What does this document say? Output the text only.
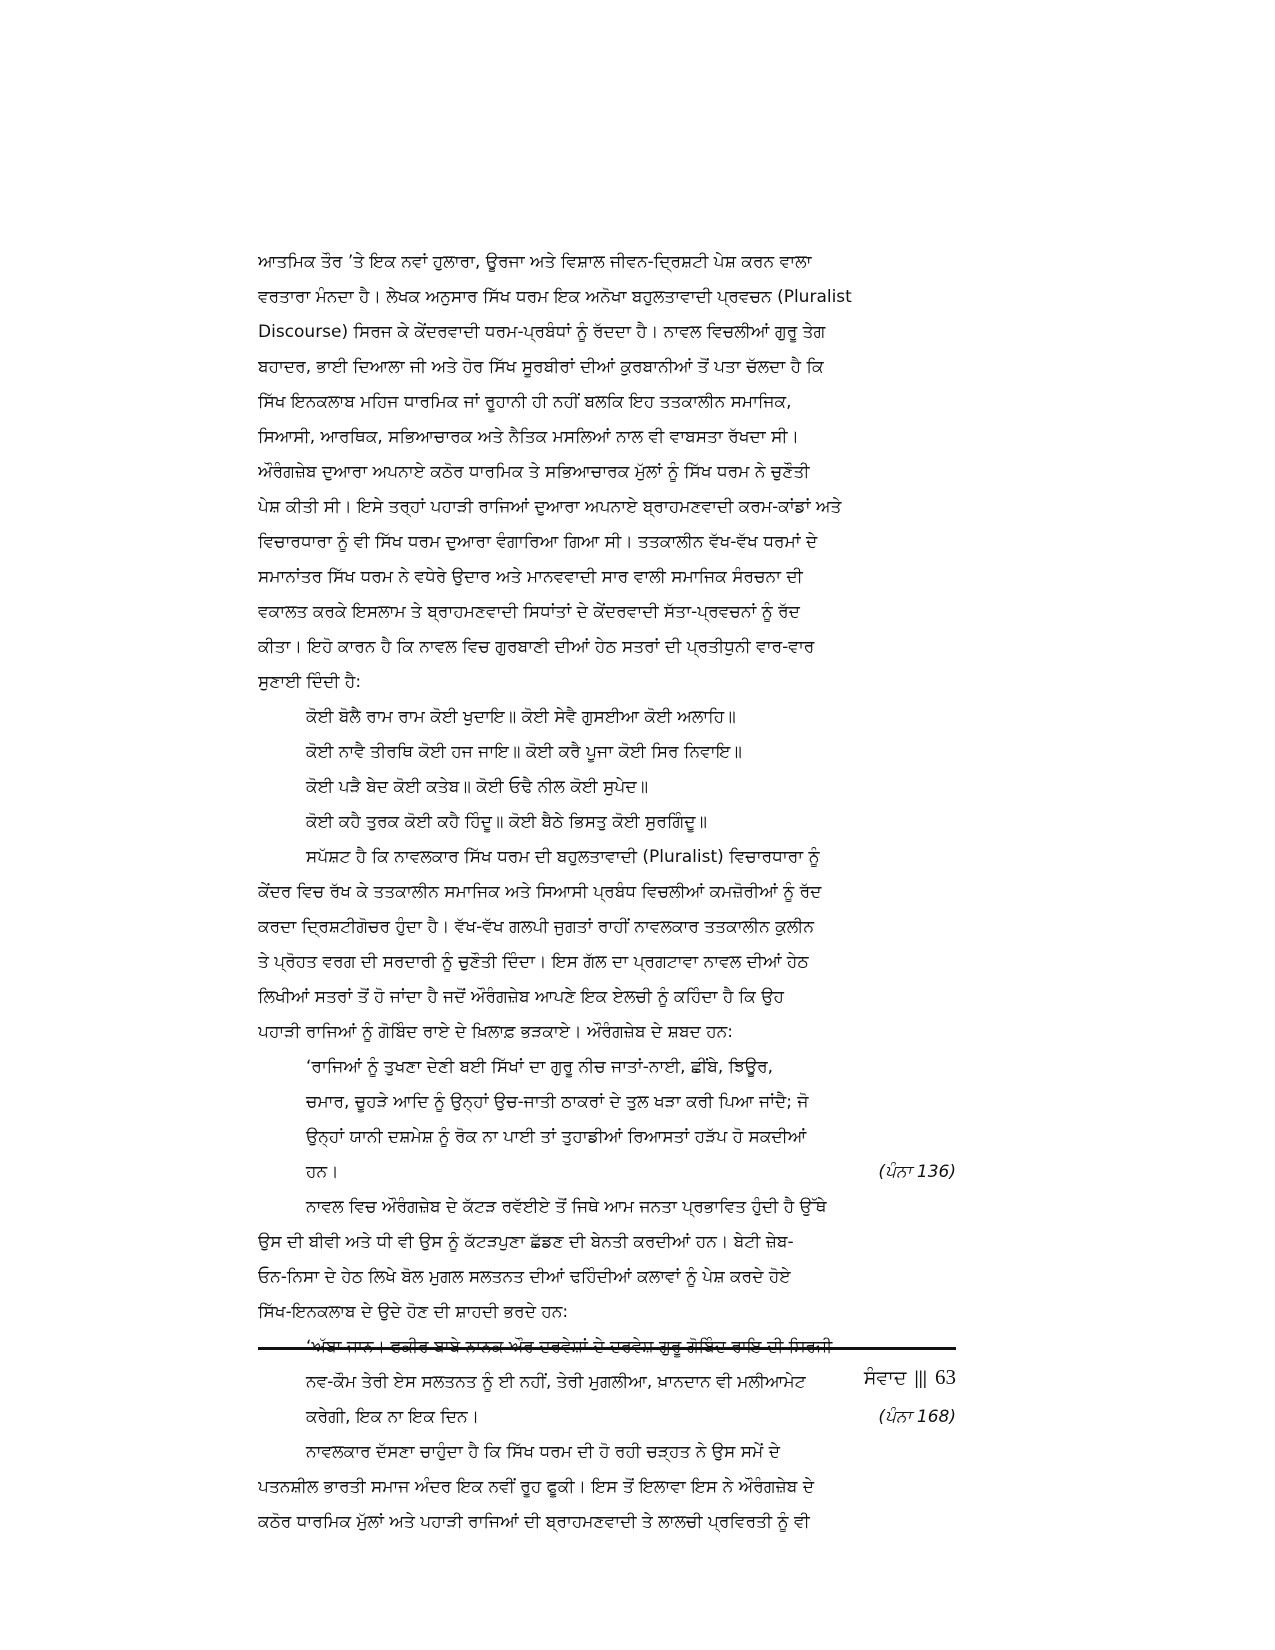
ਆਤਮਿਕ ਤੌਰ ’ਤੇ ਇਕ ਨਵਾਂ ਹੁਲਾਰਾ, ਊਰਜਾ ਅਤੇ ਵਿਸ਼ਾਲ ਜੀਵਨ-ਦ੍ਰਿਸ਼ਟੀ ਪੇਸ਼ ਕਰਨ ਵਾਲਾ
ਵਰਤਾਰਾ ਮੰਨਦਾ ਹੈ। ਲੇਖਕ ਅਨੁਸਾਰ ਸਿੱਖ ਧਰਮ ਇਕ ਅਨੋਖਾ ਬਹੁਲਤਾਵਾਦੀ ਪ੍ਰਵਚਨ (Pluralist
Discourse) ਸਿਰਜ ਕੇ ਕੇਂਦਰਵਾਦੀ ਧਰਮ-ਪ੍ਰਬੰਧਾਂ ਨੂੰ ਰੱਦਦਾ ਹੈ। ਨਾਵਲ ਵਿਚਲੀਆਂ ਗੁਰੂ ਤੇਗ
ਬਹਾਦਰ, ਭਾਈ ਦਿਆਲਾ ਜੀ ਅਤੇ ਹੋਰ ਸਿੱਖ ਸੂਰਬੀਰਾਂ ਦੀਆਂ ਕੁਰਬਾਨੀਆਂ ਤੋਂ ਪਤਾ ਚੱਲਦਾ ਹੈ ਕਿ
ਸਿੱਖ ਇਨਕਲਾਬ ਮਹਿਜ ਧਾਰਮਿਕ ਜਾਂ ਰੂਹਾਨੀ ਹੀ ਨਹੀਂ ਬਲਕਿ ਇਹ ਤਤਕਾਲੀਨ ਸਮਾਜਿਕ,
ਸਿਆਸੀ, ਆਰਥਿਕ, ਸਭਿਆਚਾਰਕ ਅਤੇ ਨੈਤਿਕ ਮਸਲਿਆਂ ਨਾਲ ਵੀ ਵਾਬਸਤਾ ਰੱਖਦਾ ਸੀ।
ਔਰੰਗਜ਼ੇਬ ਦੁਆਰਾ ਅਪਨਾਏ ਕਠੋਰ ਧਾਰਮਿਕ ਤੇ ਸਭਿਆਚਾਰਕ ਮੁੱਲਾਂ ਨੂੰ ਸਿੱਖ ਧਰਮ ਨੇ ਚੁਣੌਤੀ
ਪੇਸ਼ ਕੀਤੀ ਸੀ। ਇਸੇ ਤਰ੍ਹਾਂ ਪਹਾੜੀ ਰਾਜਿਆਂ ਦੁਆਰਾ ਅਪਨਾਏ ਬ੍ਰਾਹਮਣਵਾਦੀ ਕਰਮ-ਕਾਂਡਾਂ ਅਤੇ
ਵਿਚਾਰਧਾਰਾ ਨੂੰ ਵੀ ਸਿੱਖ ਧਰਮ ਦੁਆਰਾ ਵੰਗਾਰਿਆ ਗਿਆ ਸੀ। ਤਤਕਾਲੀਨ ਵੱਖ-ਵੱਖ ਧਰਮਾਂ ਦੇ
ਸਮਾਨਾਂਤਰ ਸਿੱਖ ਧਰਮ ਨੇ ਵਧੇਰੇ ਉਦਾਰ ਅਤੇ ਮਾਨਵਵਾਦੀ ਸਾਰ ਵਾਲੀ ਸਮਾਜਿਕ ਸੰਰਚਨਾ ਦੀ
ਵਕਾਲਤ ਕਰਕੇ ਇਸਲਾਮ ਤੇ ਬ੍ਰਾਹਮਣਵਾਦੀ ਸਿਧਾਂਤਾਂ ਦੇ ਕੇਂਦਰਵਾਦੀ ਸੱਤਾ-ਪ੍ਰਵਚਨਾਂ ਨੂੰ ਰੱਦ
ਕੀਤਾ। ਇਹੋ ਕਾਰਨ ਹੈ ਕਿ ਨਾਵਲ ਵਿਚ ਗੁਰਬਾਣੀ ਦੀਆਂ ਹੇਠ ਸਤਰਾਂ ਦੀ ਪ੍ਰਤੀਧੁਨੀ ਵਾਰ-ਵਾਰ
ਸੁਣਾਈ ਦਿੰਦੀ ਹੈ:
ਕੋਈ ਬੋਲੈ ਰਾਮ ਰਾਮ ਕੋਈ ਖੁਦਾਇ॥ ਕੋਈ ਸੇਵੈ ਗੁਸਈਆ ਕੋਈ ਅਲਾਹਿ॥
ਕੋਈ ਨਾਵੈ ਤੀਰਥਿ ਕੋਈ ਹਜ ਜਾਇ॥ ਕੋਈ ਕਰੈ ਪੂਜਾ ਕੋਈ ਸਿਰ ਨਿਵਾਇ॥
ਕੋਈ ਪੜੈ ਬੇਦ ਕੋਈ ਕਤੇਬ॥ ਕੋਈ ਓਢੈ ਨੀਲ ਕੋਈ ਸੁਪੇਦ॥
ਕੋਈ ਕਹੈ ਤੁਰਕ ਕੋਈ ਕਹੈ ਹਿੰਦੂ॥ ਕੋਈ ਬੈਠੇ ਭਿਸਤੁ ਕੋਈ ਸੁਰਗਿੰਦੂ॥
ਸਪੱਸ਼ਟ ਹੈ ਕਿ ਨਾਵਲਕਾਰ ਸਿੱਖ ਧਰਮ ਦੀ ਬਹੁਲਤਾਵਾਦੀ (Pluralist) ਵਿਚਾਰਧਾਰਾ ਨੂੰ
ਕੇਂਦਰ ਵਿਚ ਰੱਖ ਕੇ ਤਤਕਾਲੀਨ ਸਮਾਜਿਕ ਅਤੇ ਸਿਆਸੀ ਪ੍ਰਬੰਧ ਵਿਚਲੀਆਂ ਕਮਜ਼ੋਰੀਆਂ ਨੂੰ ਰੱਦ
ਕਰਦਾ ਦ੍ਰਿਸ਼ਟੀਗੋਚਰ ਹੁੰਦਾ ਹੈ। ਵੱਖ-ਵੱਖ ਗਲਪੀ ਜੁਗਤਾਂ ਰਾਹੀਂ ਨਾਵਲਕਾਰ ਤਤਕਾਲੀਨ ਕੁਲੀਨ
ਤੇ ਪ੍ਰੋਹਤ ਵਰਗ ਦੀ ਸਰਦਾਰੀ ਨੂੰ ਚੁਣੌਤੀ ਦਿੰਦਾ। ਇਸ ਗੱਲ ਦਾ ਪ੍ਰਗਟਾਵਾ ਨਾਵਲ ਦੀਆਂ ਹੇਠ
ਲਿਖੀਆਂ ਸਤਰਾਂ ਤੋਂ ਹੋ ਜਾਂਦਾ ਹੈ ਜਦੋਂ ਔਰੰਗਜ਼ੇਬ ਆਪਣੇ ਇਕ ਏਲਚੀ ਨੂੰ ਕਹਿੰਦਾ ਹੈ ਕਿ ਉਹ
ਪਹਾੜੀ ਰਾਜਿਆਂ ਨੂੰ ਗੋਬਿੰਦ ਰਾਏ ਦੇ ਖ਼ਿਲਾਫ਼ ਭੜਕਾਏ। ਔਰੰਗਜ਼ੇਬ ਦੇ ਸ਼ਬਦ ਹਨ:
‘ਰਾਜਿਆਂ ਨੂੰ ਤੁਖਣਾ ਦੇਣੀ ਬਈ ਸਿੱਖਾਂ ਦਾ ਗੁਰੂ ਨੀਚ ਜਾਤਾਂ-ਨਾਈ, ਛੀਂਬੇ, ਝਿਊਰ,
ਚਮਾਰ, ਚੂਹੜੇ ਆਦਿ ਨੂੰ ਉਨ੍ਹਾਂ ਉਚ-ਜਾਤੀ ਠਾਕਰਾਂ ਦੇ ਤੁਲ ਖੜਾ ਕਰੀ ਪਿਆ ਜਾਂਦੈ; ਜੋ
ਉਨ੍ਹਾਂ ਯਾਨੀ ਦਸ਼ਮੇਸ਼ ਨੂੰ ਰੋਕ ਨਾ ਪਾਈ ਤਾਂ ਤੁਹਾਡੀਆਂ ਰਿਆਸਤਾਂ ਹੜੱਪ ਹੋ ਸਕਦੀਆਂ
ਹਨ।	(ਪੰਨਾ 136)
ਨਾਵਲ ਵਿਚ ਔਰੰਗਜ਼ੇਬ ਦੇ ਕੱਟੜ ਰਵੱਈਏ ਤੋਂ ਜਿਥੇ ਆਮ ਜਨਤਾ ਪ੍ਰਭਾਵਿਤ ਹੁੰਦੀ ਹੈ ਉੱਥੇ
ਉਸ ਦੀ ਬੀਵੀ ਅਤੇ ਧੀ ਵੀ ਉਸ ਨੂੰ ਕੱਟੜਪੁਣਾ ਛੱਡਣ ਦੀ ਬੇਨਤੀ ਕਰਦੀਆਂ ਹਨ। ਬੇਟੀ ਜ਼ੇਬ-
ਓਨ-ਨਿਸਾ ਦੇ ਹੇਠ ਲਿਖੇ ਬੋਲ ਮੁਗਲ ਸਲਤਨਤ ਦੀਆਂ ਢਹਿੰਦੀਆਂ ਕਲਾਵਾਂ ਨੂੰ ਪੇਸ਼ ਕਰਦੇ ਹੋਏ
ਸਿੱਖ-ਇਨਕਲਾਬ ਦੇ ਉਦੇ ਹੋਣ ਦੀ ਸ਼ਾਹਦੀ ਭਰਦੇ ਹਨ:
ਨਵ-ਕੌਮ ਤੇਰੀ ਏਸ ਸਲਤਨਤ ਨੂੰ ਈ ਨਹੀਂ, ਤੇਰੀ ਮੁਗਲੀਆ, ਖ਼ਾਨਦਾਨ ਵੀ ਮਲੀਆਮੇਟ
ਕਰੇਗੀ, ਇਕ ਨਾ ਇਕ ਦਿਨ।	(ਪੰਨਾ 168)
ਨਾਵਲਕਾਰ ਦੱਸਣਾ ਚਾਹੁੰਦਾ ਹੈ ਕਿ ਸਿੱਖ ਧਰਮ ਦੀ ਹੋ ਰਹੀ ਚੜ੍ਹਤ ਨੇ ਉਸ ਸਮੇਂ ਦੇ
ਪਤਨਸ਼ੀਲ ਭਾਰਤੀ ਸਮਾਜ ਅੰਦਰ ਇਕ ਨਵੀਂ ਰੂਹ ਫੂਕੀ। ਇਸ ਤੋਂ ਇਲਾਵਾ ਇਸ ਨੇ ਔਰੰਗਜ਼ੇਬ ਦੇ
ਕਠੋਰ ਧਾਰਮਿਕ ਮੁੱਲਾਂ ਅਤੇ ਪਹਾੜੀ ਰਾਜਿਆਂ ਦੀ ਬ੍ਰਾਹਮਣਵਾਦੀ ਤੇ ਲਾਲਚੀ ਪ੍ਰਵਿਰਤੀ ਨੂੰ ਵੀ
ਸੰਵਾਦ ||| 63
